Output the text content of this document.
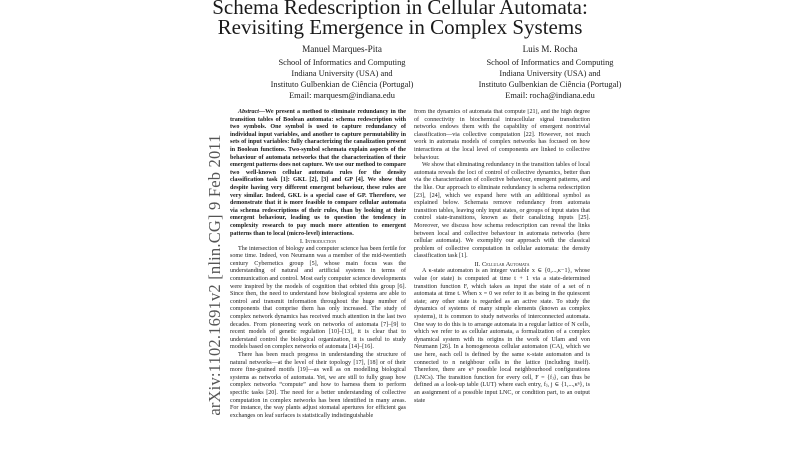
Schema Redescription in Cellular Automata:
Revisiting Emergence in Complex Systems
Manuel Marques-Pita
School of Informatics and Computing
Indiana University (USA) and
Instituto Gulbenkian de Ciência (Portugal)
Email: marquesm@indiana.edu
Luis M. Rocha
School of Informatics and Computing
Indiana University (USA) and
Instituto Gulbenkian de Ciência (Portugal)
Email: rocha@indiana.edu
arXiv:1102.1691v2 [nlin.CG] 9 Feb 2011

Abstract—We present a method to eliminate redundancy in the transition tables of Boolean automata: schema redescription with two symbols. One symbol is used to capture redundancy of individual input variables, and another to capture permutability in sets of input variables: fully characterizing the canalization present in Boolean functions. Two-symbol schemata explain aspects of the behaviour of automata networks that the characterization of their emergent patterns does not capture. We use our method to compare two well-known cellular automata rules for the density classification task [1]: GKL [2], [3] and GP [4]. We show that despite having very different emergent behaviour, these rules are very similar. Indeed, GKL is a special case of GP. Therefore, we demonstrate that it is more feasible to compare cellular automata via schema redescriptions of their rules, than by looking at their emergent behaviour, leading us to question the tendency in complexity research to pay much more attention to emergent patterns than to local (micro-level) interactions.

I. Introduction

The intersection of biology and computer science has been fertile for some time. Indeed, von Neumann was a member of the mid-twentieth century Cybernetics group [5], whose main focus was the understanding of natural and artificial systems in terms of communication and control. Most early computer science developments were inspired by the models of cognition that orbited this group [6]. Since then, the need to understand how biological systems are able to control and transmit information throughout the huge number of components that comprise them has only increased. The study of complex network dynamics has received much attention in the last two decades. From pioneering work on networks of automata [7]–[9] to recent models of genetic regulation [10]–[13], it is clear that to understand control the biological organization, it is useful to study models based on complex networks of automata [14]–[16].

There has been much progress in understanding the structure of natural networks—at the level of their topology [17], [18] or of their more fine-grained motifs [19]—as well as on modelling biological systems as networks of automata. Yet, we are still to fully grasp how complex networks “compute” and how to harness them to perform specific tasks [20]. The need for a better understanding of collective computation in complex networks has been identified in many areas. For instance, the way plants adjust stomatal apertures for efficient gas exchanges on leaf surfaces is statistically indistinguishable

from the dynamics of automata that compute [21], and the high degree of connectivity in biochemical intracellular signal transduction networks endows them with the capability of emergent nontrivial classification—via collective computation [22]. However, not much work in automata models of complex networks has focused on how interactions at the local level of components are linked to collective behaviour.

We show that eliminating redundancy in the transition tables of local automata reveals the loci of control of collective dynamics, better than via the characterization of collective behaviour, emergent patterns, and the like. Our approach to eliminate redundancy is schema redescription [23], [24], which we expand here with an additional symbol as explained below. Schemata remove redundancy from automata transition tables, leaving only input states, or groups of input states that control state-transitions, known as their canalizing inputs [25]. Moreover, we discuss how schema redescription can reveal the links between local and collective behaviour in automata networks (here cellular automata). We exemplify our approach with the classical problem of collective computation in cellular automata: the density classification task [1].

II. Cellular Automata

A κ-state automaton is an integer variable x ∈ {0,...,κ−1}, whose value (or state) is computed at time t + 1 via a state-determined transition function F, which takes as input the state of a set of n automata at time t. When x = 0 we refer to it as being in the quiescent state; any other state is regarded as an active state. To study the dynamics of systems of many simple elements (known as complex systems), it is common to study networks of interconnected automata. One way to do this is to arrange automata in a regular lattice of N cells, which we refer to as cellular automata, a formalization of a complex dynamical system with its origins in the work of Ulam and von Neumann [26]. In a homogeneous cellular automaton (CA), which we use here, each cell is defined by the same κ-state automaton and is connected to n neighbour cells in the lattice (including itself). Therefore, there are κⁿ possible local neighbourhood configurations (LNCs). The transition function for every cell, F = {fⱼ}, can thus be defined as a look-up table (LUT) where each entry, fⱼ, j ∈ {1,...,κⁿ}, is an assignment of a possible input LNC, or condition part, to an output state
